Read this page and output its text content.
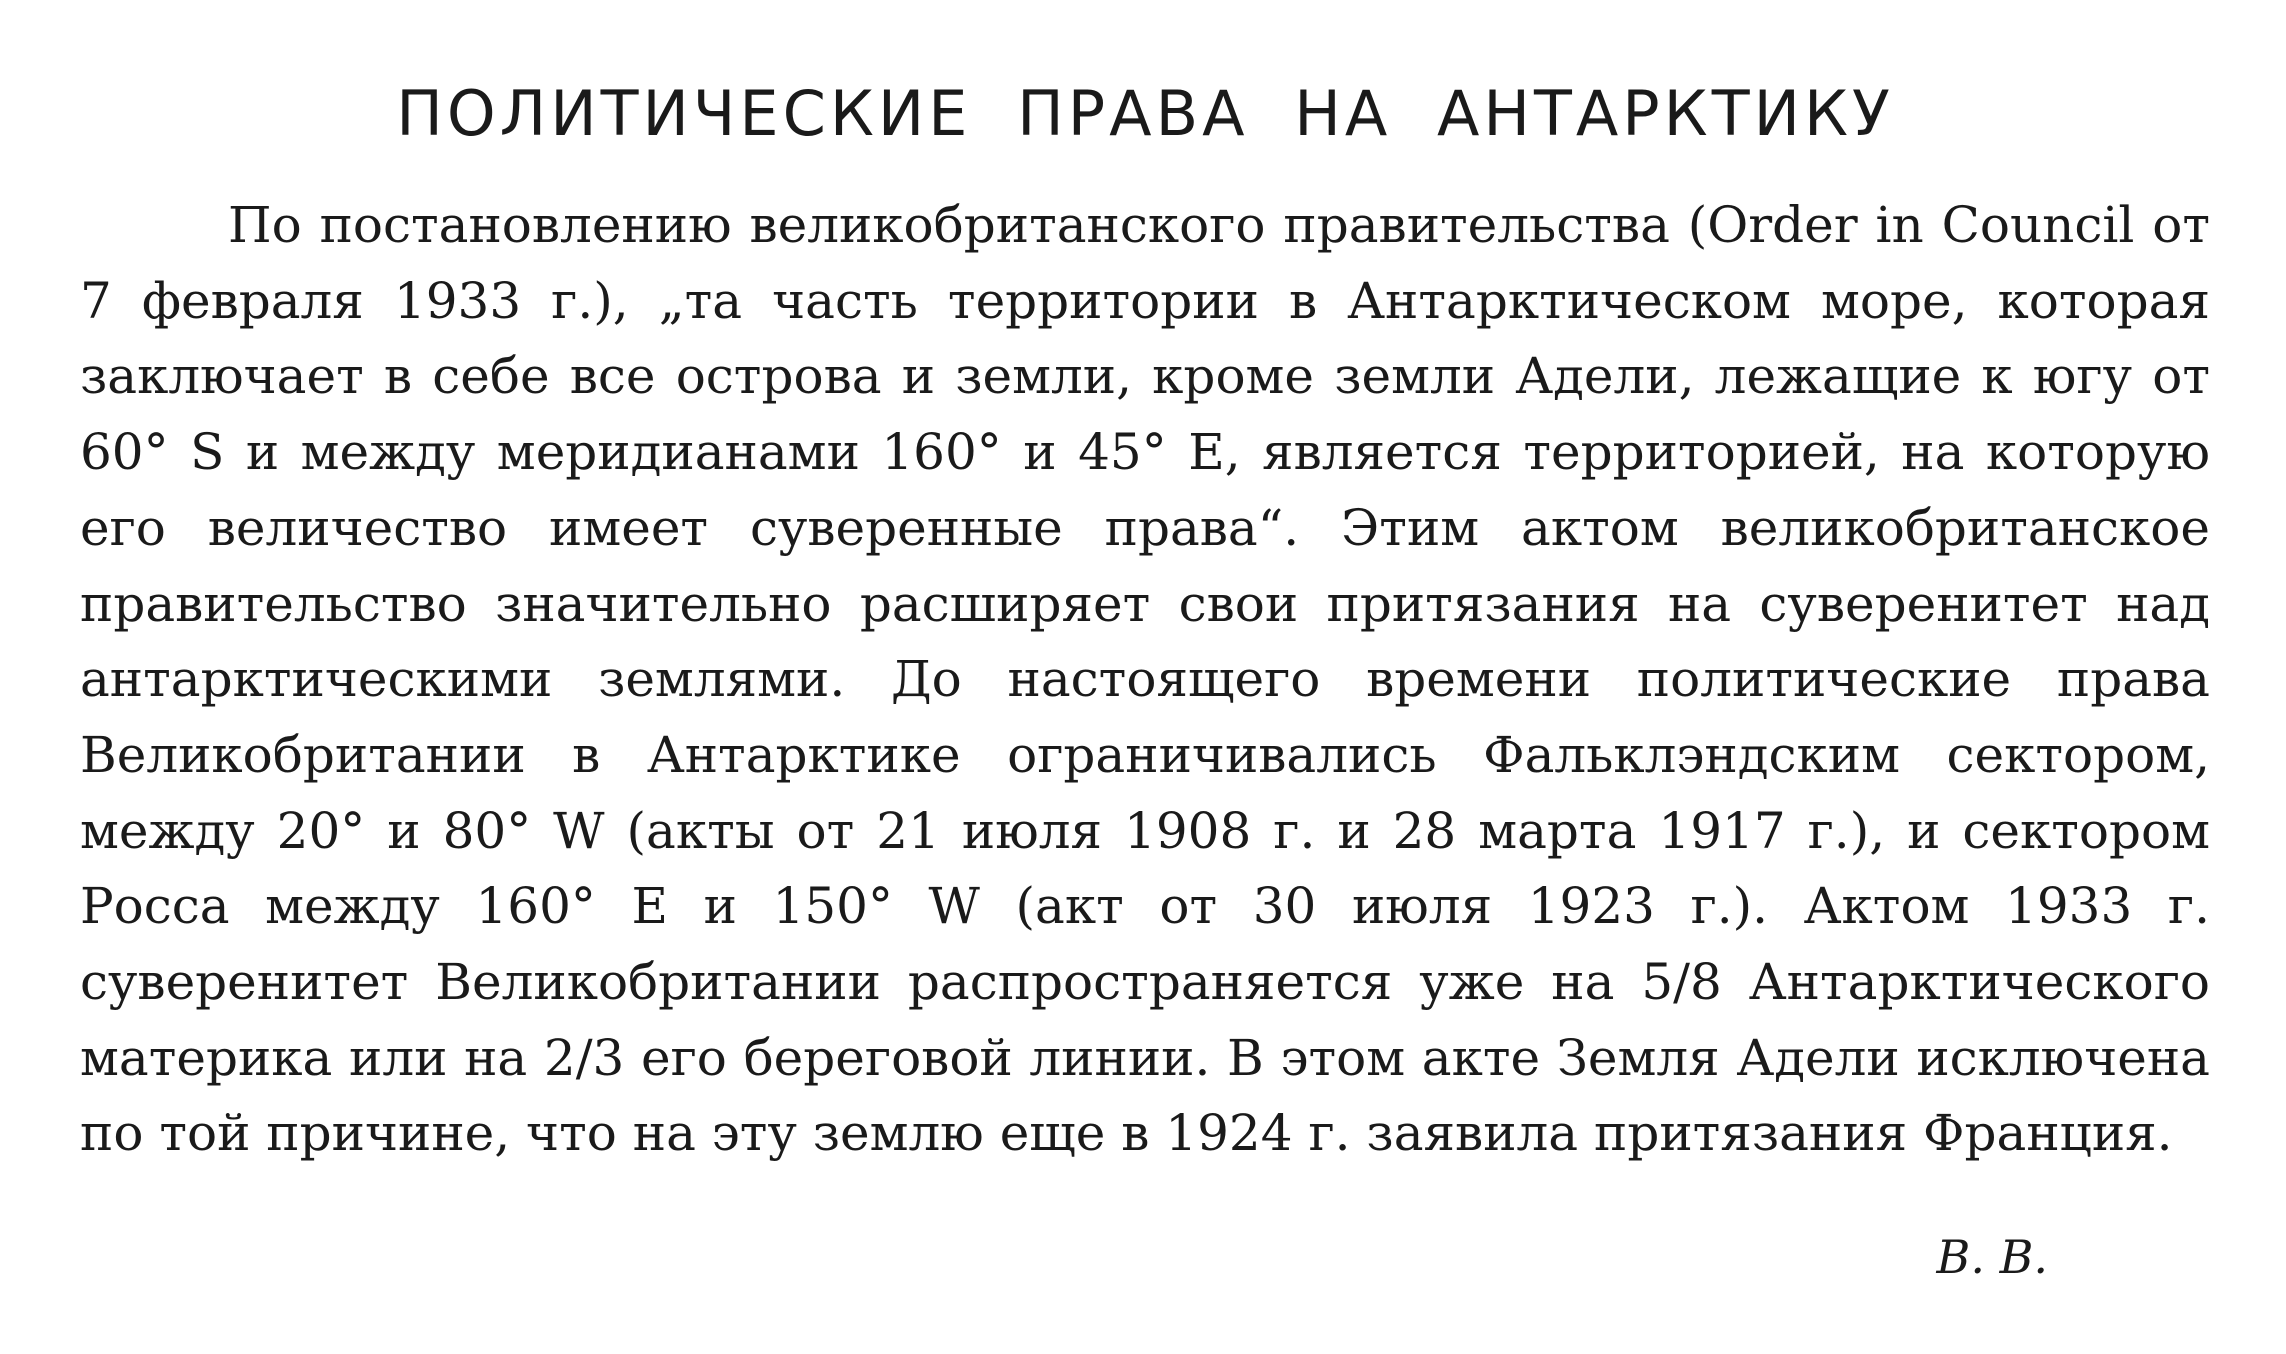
ПОЛИТИЧЕСКИЕ ПРАВА НА АНТАРКТИКУ

По постановлению великобританского правительства (Order in Council от 7 февраля 1933 г.), „та часть территории в Антарктическом море, которая заключает в себе все острова и земли, кроме земли Адели, лежащие к югу от 60° S и между меридианами 160° и 45° E, является территорией, на которую его величество имеет суверенные права“. Этим актом великобританское правительство значительно расширяет свои притязания на суверенитет над антарктическими землями. До настоящего времени политические права Великобритании в Антарктике ограничивались Фальклэндским сектором, между 20° и 80° W (акты от 21 июля 1908 г. и 28 марта 1917 г.), и сектором Росса между 160° E и 150° W (акт от 30 июля 1923 г.). Актом 1933 г. суверенитет Великобритании распространяется уже на 5/8 Антарктического материка или на 2/3 его береговой линии. В этом акте Земля Адели исключена по той причине, что на эту землю еще в 1924 г. заявила притязания Франция.

В. В.
